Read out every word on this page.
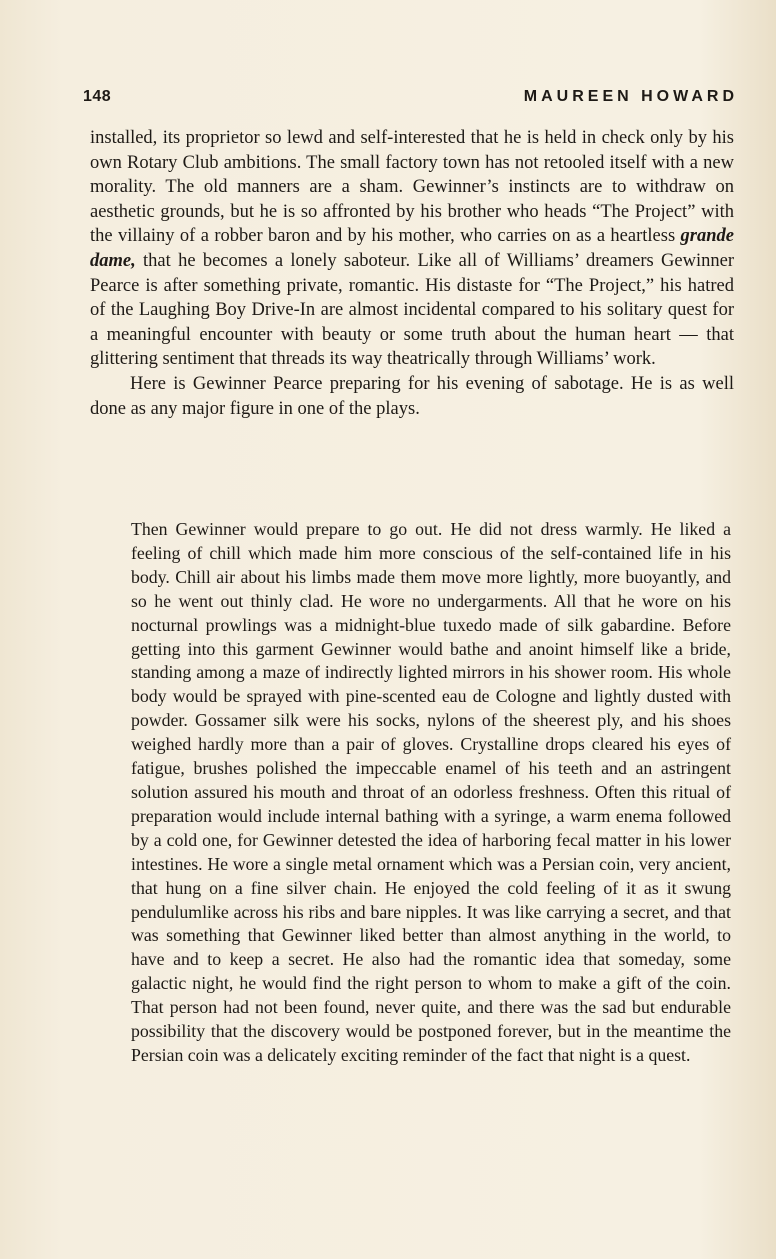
148	MAUREEN HOWARD

installed, its proprietor so lewd and self-interested that he is held in check only by his own Rotary Club ambitions. The small factory town has not retooled itself with a new morality. The old manners are a sham. Gewinner’s instincts are to withdraw on aesthetic grounds, but he is so affronted by his brother who heads “The Project” with the villainy of a robber baron and by his mother, who carries on as a heartless grande dame, that he becomes a lonely saboteur. Like all of Williams’ dreamers Gewinner Pearce is after something private, romantic. His distaste for “The Project,” his hatred of the Laughing Boy Drive-In are almost incidental compared to his solitary quest for a meaningful encounter with beauty or some truth about the human heart — that glittering sentiment that threads its way theatrically through Williams’ work.

Here is Gewinner Pearce preparing for his evening of sabotage. He is as well done as any major figure in one of the plays.

Then Gewinner would prepare to go out. He did not dress warmly. He liked a feeling of chill which made him more conscious of the self-contained life in his body. Chill air about his limbs made them move more lightly, more buoyantly, and so he went out thinly clad. He wore no undergarments. All that he wore on his nocturnal prowlings was a midnight-blue tuxedo made of silk gabardine. Before getting into this garment Gewinner would bathe and anoint himself like a bride, standing among a maze of indirectly lighted mirrors in his shower room. His whole body would be sprayed with pine-scented eau de Cologne and lightly dusted with powder. Gossamer silk were his socks, nylons of the sheerest ply, and his shoes weighed hardly more than a pair of gloves. Crystalline drops cleared his eyes of fatigue, brushes polished the impeccable enamel of his teeth and an astringent solution assured his mouth and throat of an odorless freshness. Often this ritual of preparation would include internal bathing with a syringe, a warm enema followed by a cold one, for Gewinner detested the idea of harboring fecal matter in his lower intestines. He wore a single metal ornament which was a Persian coin, very ancient, that hung on a fine silver chain. He enjoyed the cold feeling of it as it swung pendulumlike across his ribs and bare nipples. It was like carrying a secret, and that was something that Gewinner liked better than almost anything in the world, to have and to keep a secret. He also had the romantic idea that someday, some galactic night, he would find the right person to whom to make a gift of the coin. That person had not been found, never quite, and there was the sad but endurable possibility that the discovery would be postponed forever, but in the meantime the Persian coin was a delicately exciting reminder of the fact that night is a quest.
